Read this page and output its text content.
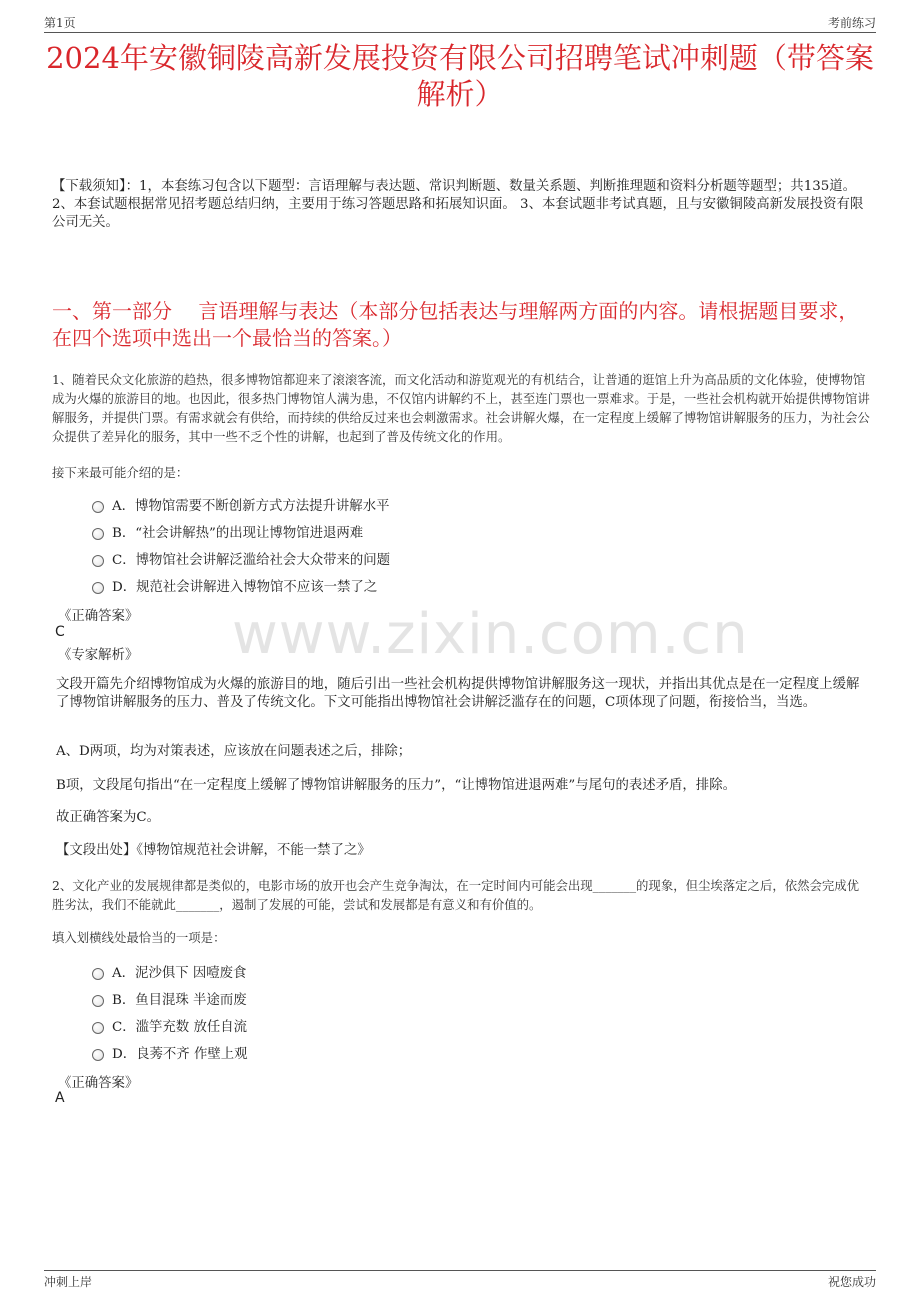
第1页	考前练习
2024年安徽铜陵高新发展投资有限公司招聘笔试冲刺题（带答案解析）

【下载须知】：1，本套练习包含以下题型：言语理解与表达题、常识判断题、数量关系题、判断推理题和资料分析题等题型；共135道。 2、本套试题根据常见招考题总结归纳，主要用于练习答题思路和拓展知识面。 3、本套试题非考试真题，且与安徽铜陵高新发展投资有限公司无关。

一、第一部分　 言语理解与表达（本部分包括表达与理解两方面的内容。请根据题目要求，在四个选项中选出一个最恰当的答案。）
www.zixin.com.cn

1、随着民众文化旅游的趋热，很多博物馆都迎来了滚滚客流，而文化活动和游览观光的有机结合，让普通的逛馆上升为高品质的文化体验，使博物馆成为火爆的旅游目的地。也因此，很多热门博物馆人满为患，不仅馆内讲解约不上，甚至连门票也一票难求。于是，一些社会机构就开始提供博物馆讲解服务，并提供门票。有需求就会有供给，而持续的供给反过来也会刺激需求。社会讲解火爆，在一定程度上缓解了博物馆讲解服务的压力，为社会公众提供了差异化的服务，其中一些不乏个性的讲解，也起到了普及传统文化的作用。

接下来最可能介绍的是：

A．博物馆需要不断创新方式方法提升讲解水平
B．“社会讲解热”的出现让博物馆进退两难
C．博物馆社会讲解泛滥给社会大众带来的问题
D．规范社会讲解进入博物馆不应该一禁了之

《正确答案》

C

《专家解析》

文段开篇先介绍博物馆成为火爆的旅游目的地，随后引出一些社会机构提供博物馆讲解服务这一现状，并指出其优点是在一定程度上缓解了博物馆讲解服务的压力、普及了传统文化。下文可能指出博物馆社会讲解泛滥存在的问题，C项体现了问题，衔接恰当，当选。

A、D两项，均为对策表述，应该放在问题表述之后，排除；

B项，文段尾句指出“在一定程度上缓解了博物馆讲解服务的压力”，“让博物馆进退两难”与尾句的表述矛盾，排除。

故正确答案为C。

【文段出处】《博物馆规范社会讲解，不能一禁了之》

2、文化产业的发展规律都是类似的，电影市场的放开也会产生竞争淘汰，在一定时间内可能会出现_______的现象，但尘埃落定之后，依然会完成优胜劣汰，我们不能就此_______，遏制了发展的可能，尝试和发展都是有意义和有价值的。

填入划横线处最恰当的一项是：

A．泥沙俱下 因噎废食
B．鱼目混珠 半途而废
C．滥竽充数 放任自流
D．良莠不齐 作壁上观

《正确答案》

A

冲刺上岸	祝您成功
